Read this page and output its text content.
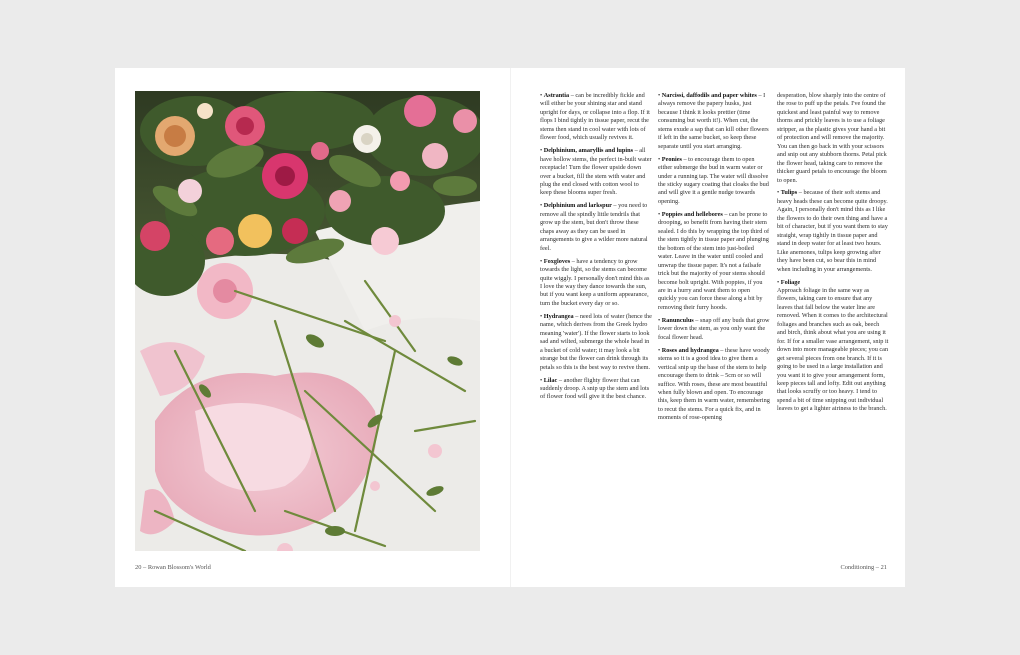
20 – Rowan Blossom's World	Conditioning – 21

• Astrantia – can be incredibly fickle and will either be your shining star and stand upright for days, or collapse into a flop. If it flops I bind tightly in tissue paper, recut the stems then stand in cool water with lots of flower food, which usually revives it.

• Delphinium, amaryllis and lupins – all have hollow stems, the perfect in-built water receptacle! Turn the flower upside down over a bucket, fill the stem with water and plug the end closed with cotton wool to keep these blooms super fresh.

• Delphinium and larkspur – you need to remove all the spindly little tendrils that grow up the stem, but don't throw these chaps away as they can be used in arrangements to give a wilder more natural feel.

• Foxgloves – have a tendency to grow towards the light, so the stems can become quite wiggly. I personally don't mind this as I love the way they dance towards the sun, but if you want keep a uniform appearance, turn the bucket every day or so.

• Hydrangea – need lots of water (hence the name, which derives from the Greek hydro meaning 'water'). If the flower starts to look sad and wilted, submerge the whole head in a bucket of cold water; it may look a bit strange but the flower can drink through its petals so this is the best way to revive them.

• Lilac – another flighty flower that can suddenly droop. A snip up the stem and lots of flower food will give it the best chance.

• Narcissi, daffodils and paper whites – I always remove the papery husks, just because I think it looks prettier (time consuming but worth it!). When cut, the stems exude a sap that can kill other flowers if left in the same bucket, so keep these separate until you start arranging.

• Peonies – to encourage them to open either submerge the bud in warm water or under a running tap. The water will dissolve the sticky sugary coating that cloaks the bud and will give it a gentle nudge towards opening.

• Poppies and hellebores – can be prone to drooping, so benefit from having their stem sealed. I do this by wrapping the top third of the stem tightly in tissue paper and plunging the bottom of the stem into just-boiled water. Leave in the water until cooled and unwrap the tissue paper. It's not a failsafe trick but the majority of your stems should become bolt upright. With poppies, if you are in a hurry and want them to open quickly you can force these along a bit by removing their furry hoods.

• Ranunculus – snap off any buds that grow lower down the stem, as you only want the focal flower head.

• Roses and hydrangea – these have woody stems so it is a good idea to give them a vertical snip up the base of the stem to help encourage them to drink – 5cm or so will suffice. With roses, these are most beautiful when fully blown and open. To encourage this, keep them in warm water, remembering to recut the stems. For a quick fix, and in moments of rose-opening

desperation, blow sharply into the centre of the rose to puff up the petals. I've found the quickest and least painful way to remove thorns and prickly leaves is to use a foliage stripper, as the plastic gives your hand a bit of protection and will remove the majority. You can then go back in with your scissors and snip out any stubborn thorns. Petal pick the flower head, taking care to remove the thicker guard petals to encourage the bloom to open.

• Tulips – because of their soft stems and heavy heads these can become quite droopy. Again, I personally don't mind this as I like the flowers to do their own thing and have a bit of character, but if you want them to stay straight, wrap tightly in tissue paper and stand in deep water for at least two hours. Like anemones, tulips keep growing after they have been cut, so bear this in mind when including in your arrangements.

• Foliage
Approach foliage in the same way as flowers, taking care to ensure that any leaves that fall below the water line are removed. When it comes to the architectural foliages and branches such as oak, beech and birch, think about what you are using it for. If for a smaller vase arrangement, snip it down into more manageable pieces; you can get several pieces from one branch. If it is going to be used in a large installation and you want it to give your arrangement form, keep pieces tall and lofty. Edit out anything that looks scruffy or too heavy. I tend to spend a bit of time snipping out individual leaves to get a lighter airiness to the branch.
